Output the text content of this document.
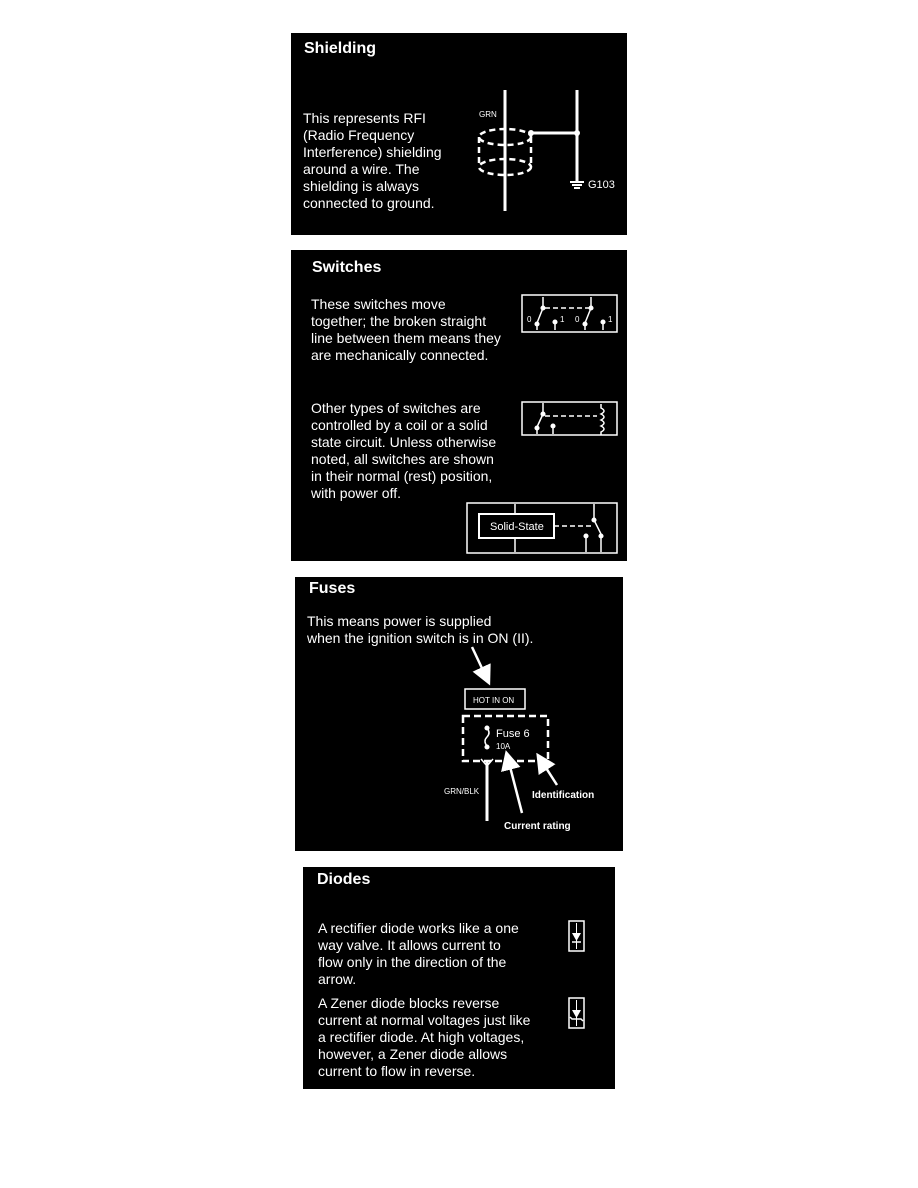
Shielding

This represents RFI
(Radio Frequency
Interference) shielding
around a wire. The
shielding is always
connected to ground.

GRN
G103

Switches

These switches move
together; the broken straight
line between them means they
are mechanically connected.

Other types of switches are
controlled by a coil or a solid
state circuit. Unless otherwise
noted, all switches are shown
in their normal (rest) position,
with power off.

0	1 0	1
Solid-State

Fuses

This means power is supplied
when the ignition switch is in ON (II).

HOT IN ON
Fuse 6
10A
GRN/BLK	Identification
Current rating

Diodes

A rectifier diode works like a one
way valve. It allows current to
flow only in the direction of the
arrow.

A Zener diode blocks reverse
current at normal voltages just like
a rectifier diode. At high voltages,
however, a Zener diode allows
current to flow in reverse.
